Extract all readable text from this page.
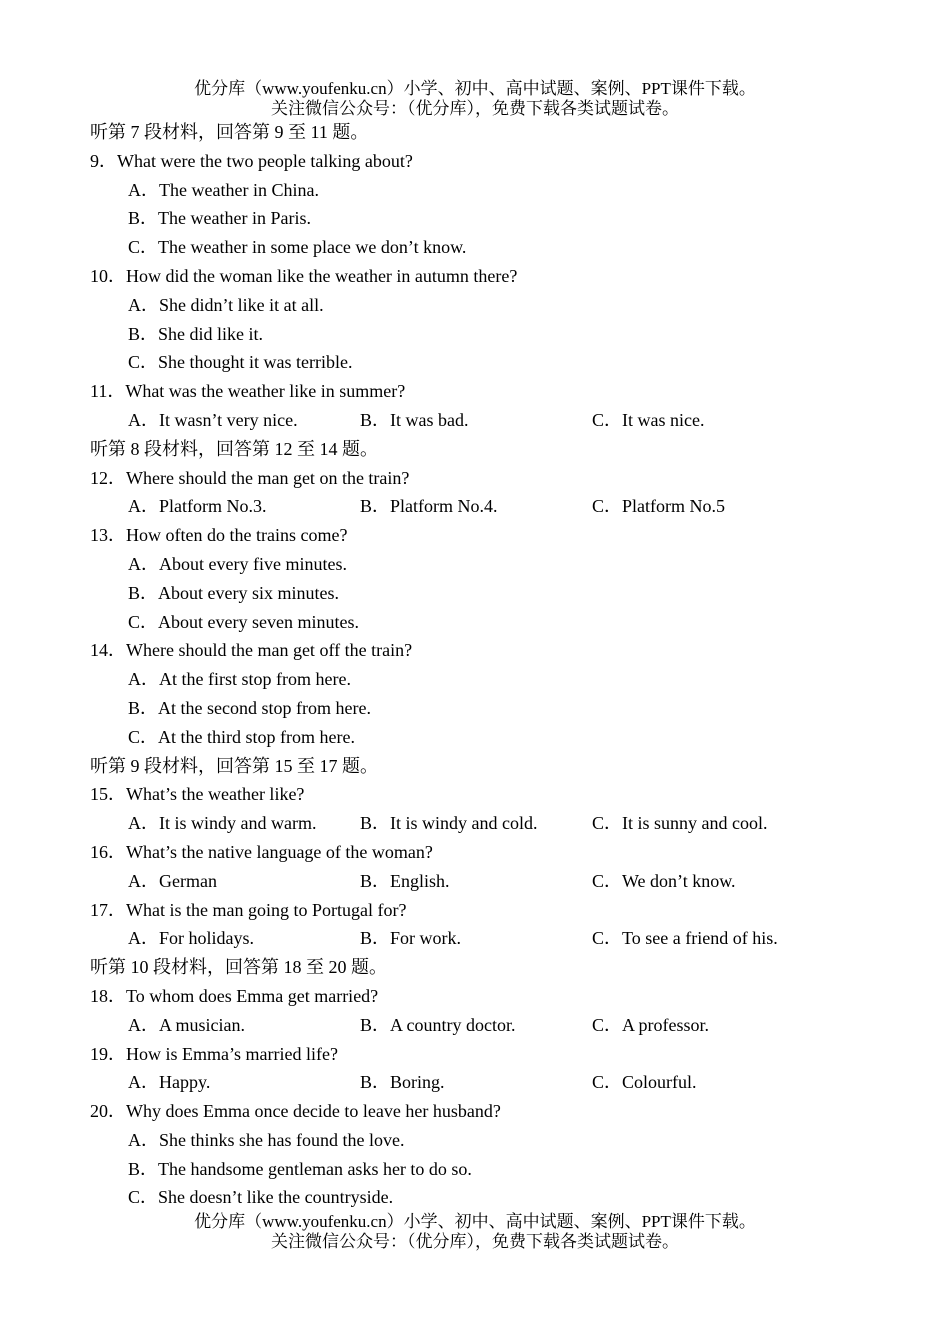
优分库（www.youfenku.cn）小学、初中、高中试题、案例、PPT课件下载。
关注微信公众号：（优分库），免费下载各类试题试卷。
听第 7 段材料，回答第 9 至 11 题。
9．What were the two people talking about?
A．The weather in China.
B．The weather in Paris.
C．The weather in some place we don’t know.
10．How did the woman like the weather in autumn there?
A．She didn’t like it at all.
B．She did like it.
C．She thought it was terrible.
11．What was the weather like in summer?
A．It wasn’t very nice.	B．It was bad.	C．It was nice.
听第 8 段材料，回答第 12 至 14 题。
12．Where should the man get on the train?
A．Platform No.3.	B．Platform No.4.	C．Platform No.5
13．How often do the trains come?
A．About every five minutes.
B．About every six minutes.
C．About every seven minutes.
14．Where should the man get off the train?
A．At the first stop from here.
B．At the second stop from here.
C．At the third stop from here.
听第 9 段材料，回答第 15 至 17 题。
15．What’s the weather like?
A．It is windy and warm. B．It is windy and cold.	C．It is sunny and cool.
16．What’s the native language of the woman?
A．German	B．English.	C．We don’t know.
17．What is the man going to Portugal for?
A．For holidays.	B．For work.	C．To see a friend of his.
听第 10 段材料，回答第 18 至 20 题。
18．To whom does Emma get married?
A．A musician.	B．A country doctor.	C．A professor.
19．How is Emma’s married life?
A．Happy.	B．Boring.	C．Colourful.
20．Why does Emma once decide to leave her husband?
A．She thinks she has found the love.
B．The handsome gentleman asks her to do so.
C．She doesn’t like the countryside.
优分库（www.youfenku.cn）小学、初中、高中试题、案例、PPT课件下载。
关注微信公众号：（优分库），免费下载各类试题试卷。
